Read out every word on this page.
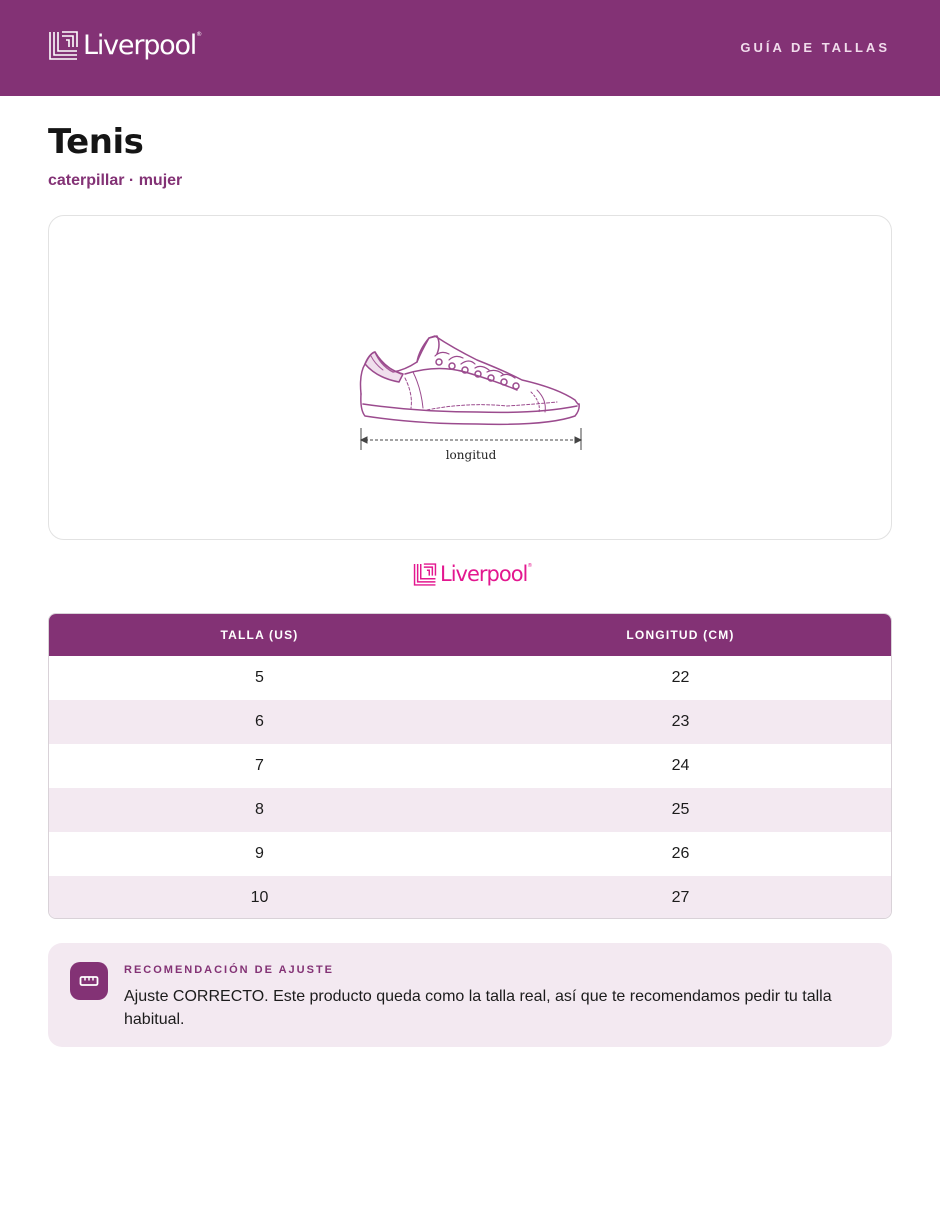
Liverpool ®
GUÍA DE TALLAS
Tenis
caterpillar · mujer
longitud
Liverpool ®
TALLA (US)	LONGITUD (CM)
5	22
6	23
7	24
8	25
9	26
10	27
RECOMENDACIÓN DE AJUSTE
Ajuste CORRECTO. Este producto queda como la talla real, así que te recomendamos pedir tu talla habitual.
